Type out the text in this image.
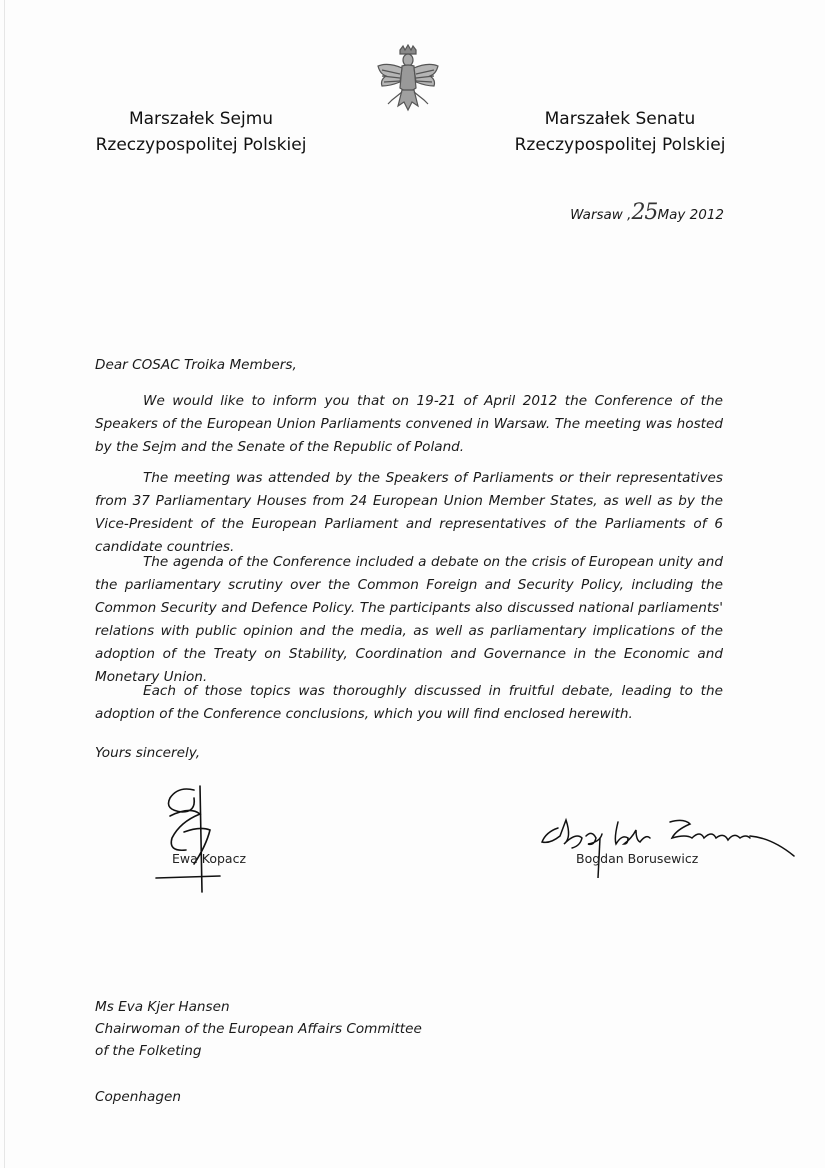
Marszałek Sejmu
Rzeczypospolitej Polskiej
Marszałek Senatu
Rzeczypospolitej Polskiej
Warsaw ,25May 2012
Dear COSAC Troika Members,
We would like to inform you that on 19-21 of April 2012 the Conference of the Speakers of the European Union Parliaments convened in Warsaw. The meeting was hosted by the Sejm and the Senate of the Republic of Poland.
The meeting was attended by the Speakers of Parliaments or their representatives from 37 Parliamentary Houses from 24 European Union Member States, as well as by the Vice-President of the European Parliament and representatives of the Parliaments of 6 candidate countries.
The agenda of the Conference included a debate on the crisis of European unity and the parliamentary scrutiny over the Common Foreign and Security Policy, including the Common Security and Defence Policy. The participants also discussed national parliaments' relations with public opinion and the media, as well as parliamentary implications of the adoption of the Treaty on Stability, Coordination and Governance in the Economic and Monetary Union.
Each of those topics was thoroughly discussed in fruitful debate, leading to the adoption of the Conference conclusions, which you will find enclosed herewith.
Yours sincerely,
Ewa Kopacz	Bogdan Borusewicz
Ms Eva Kjer Hansen
Chairwoman of the European Affairs Committee
of the Folketing
Copenhagen
